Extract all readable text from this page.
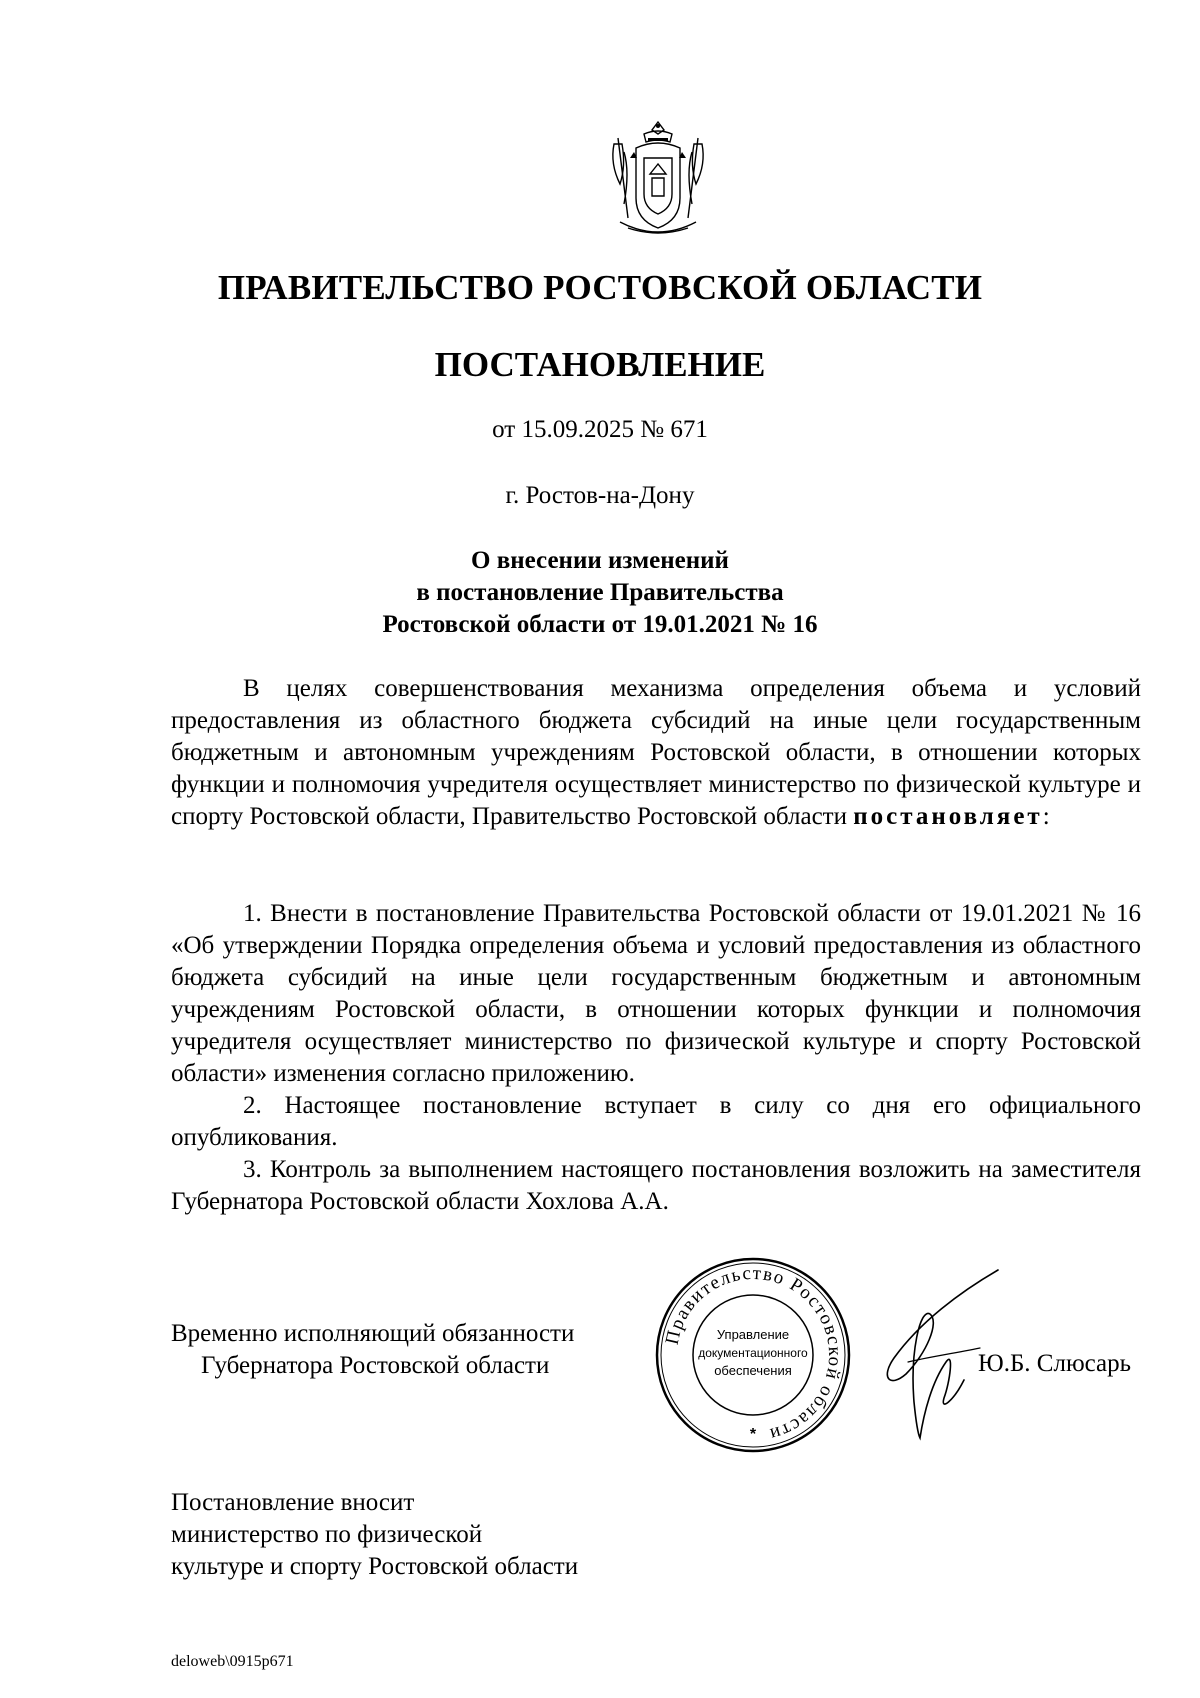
ПРАВИТЕЛЬСТВО РОСТОВСКОЙ ОБЛАСТИ
ПОСТАНОВЛЕНИЕ
от 15.09.2025 № 671
г. Ростов-на-Дону
О внесении изменений
в постановление Правительства
Ростовской области от 19.01.2021 № 16

В целях совершенствования механизма определения объема и условий предоставления из областного бюджета субсидий на иные цели государственным бюджетным и автономным учреждениям Ростовской области, в отношении которых функции и полномочия учредителя осуществляет министерство по физической культуре и спорту Ростовской области, Правительство Ростовской области постановляет:

1. Внести в постановление Правительства Ростовской области от 19.01.2021 № 16 «Об утверждении Порядка определения объема и условий предоставления из областного бюджета субсидий на иные цели государственным бюджетным и автономным учреждениям Ростовской области, в отношении которых функции и полномочия учредителя осуществляет министерство по физической культуре и спорту Ростовской области» изменения согласно приложению.

2. Настоящее постановление вступает в силу со дня его официального опубликования.

3. Контроль за выполнением настоящего постановления возложить на заместителя Губернатора Ростовской области Хохлова А.А.

Временно исполняющий обязанности
Губернатора Ростовской области
Правительство Ростовской области
Управление
документационного
обеспечения
*
Ю.Б. Слюсарь
Постановление вносит
министерство по физической
культуре и спорту Ростовской области
deloweb\0915p671
